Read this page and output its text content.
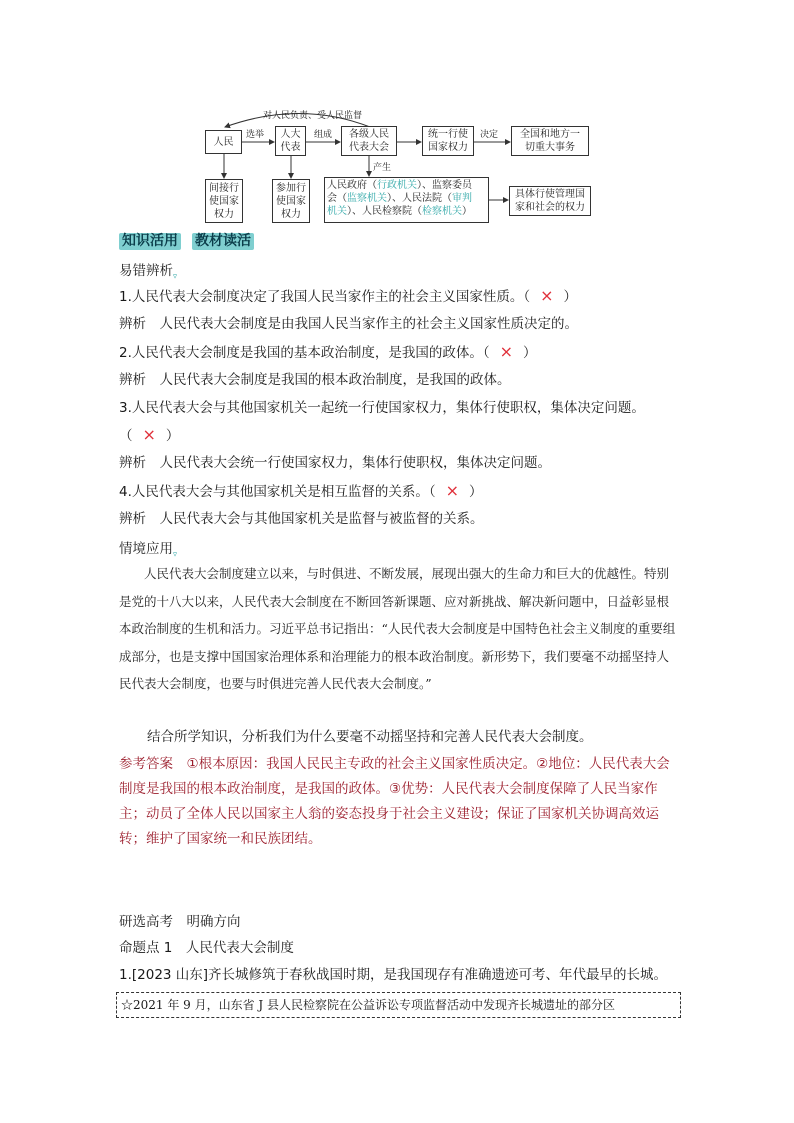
对人民负责、受人民监督
人民
选举 人大
代表
组成 各级人民
代表大会
统一行使
国家权力
决定 全国和地方一
切重大事务
产生
间接行
使国家
权力
参加行
使国家
权力
人民政府（行政机关）、监察委员
会（监察机关）、人民法院（审判
机关）、人民检察院（检察机关）
具体行使管理国
家和社会的权力
知识活用 教材读活
易错辨析$_▿$
1.人民代表大会制度决定了我国人民当家作主的社会主义国家性质。（ × ）
辨析　人民代表大会制度是由我国人民当家作主的社会主义国家性质决定的。
2.人民代表大会制度是我国的基本政治制度，是我国的政体。（ × ）
辨析　人民代表大会制度是我国的根本政治制度，是我国的政体。
3.人民代表大会与其他国家机关一起统一行使国家权力，集体行使职权，集体决定问题。
（ × ）
辨析　人民代表大会统一行使国家权力，集体行使职权，集体决定问题。
4.人民代表大会与其他国家机关是相互监督的关系。（ × ）
辨析　人民代表大会与其他国家机关是监督与被监督的关系。
情境应用$_▿$
人民代表大会制度建立以来，与时俱进、不断发展，展现出强大的生命力和巨大的优越性。特别是党的十八大以来，人民代表大会制度在不断回答新课题、应对新挑战、解决新问题中，日益彰显根本政治制度的生机和活力。习近平总书记指出：“人民代表大会制度是中国特色社会主义制度的重要组成部分，也是支撑中国国家治理体系和治理能力的根本政治制度。新形势下，我们要毫不动摇坚持人民代表大会制度，也要与时俱进完善人民代表大会制度。”
结合所学知识，分析我们为什么要毫不动摇坚持和完善人民代表大会制度。
参考答案　 ①根本原因：我国人民民主专政的社会主义国家性质决定。②地位：人民代表大会制度是我国的根本政治制度，是我国的政体。③优势：人民代表大会制度保障了人民当家作主；动员了全体人民以国家主人翁的姿态投身于社会主义建设；保证了国家机关协调高效运转；维护了国家统一和民族团结。
研选高考　明确方向
命题点 1　人民代表大会制度
1.[2023 山东]齐长城修筑于春秋战国时期，是我国现存有准确遗迹可考、年代最早的长城。
☆2021 年 9 月，山东省 J 县人民检察院在公益诉讼专项监督活动中发现齐长城遗址的部分区
